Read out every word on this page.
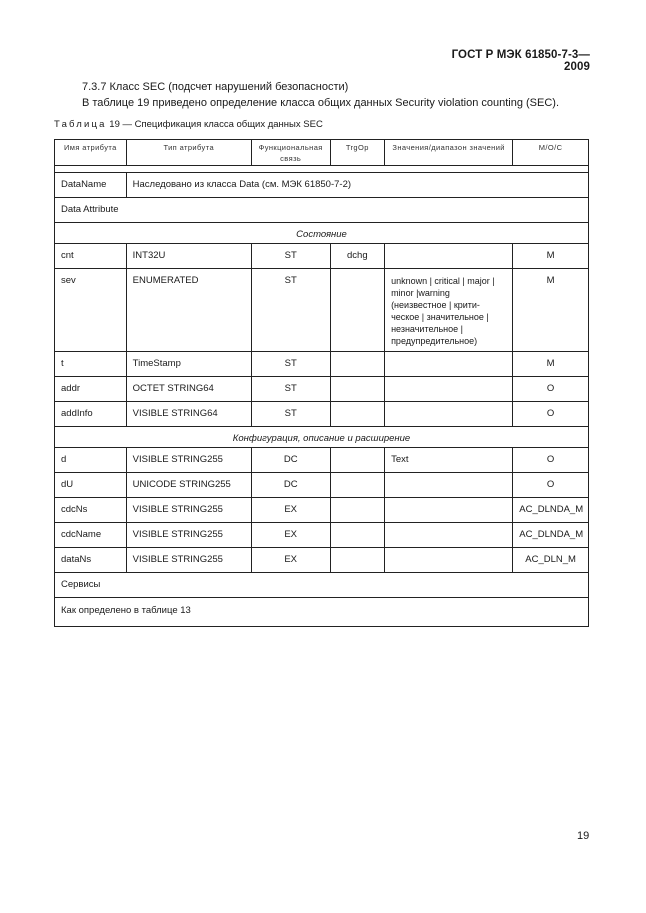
ГОСТ Р МЭК 61850-7-3—2009
7.3.7 Класс SEC (подсчет нарушений безопасности)
В таблице 19 приведено определение класса общих данных Security violation counting (SEC).
Таблица 19 — Спецификация класса общих данных SEC
Имя атрибута	Тип атрибута	Функциональная связь	TrgOp	Значения/диапазон значений	M/O/C

DataName	Наследовано из класса Data (см. МЭК 61850-7-2)				
Data Attribute					
Состояние					
cnt	INT32U	ST	dchg		M
sev	ENUMERATED	ST		unknown | critical | major | minor |warning (неизвестное | крити-ческое | значительное | незначительное | предупредительное)	M
t	TimeStamp	ST			M
addr	OCTET STRING64	ST			O
addInfo	VISIBLE STRING64	ST			O
Конфигурация, описание и расширение					
d	VISIBLE STRING255	DC		Text	O
dU	UNICODE STRING255	DC			O
cdcNs	VISIBLE STRING255	EX			AC_DLNDA_M
cdcName	VISIBLE STRING255	EX			AC_DLNDA_M
dataNs	VISIBLE STRING255	EX			AC_DLN_M
Сервисы					
Как определено в таблице 13					
19
